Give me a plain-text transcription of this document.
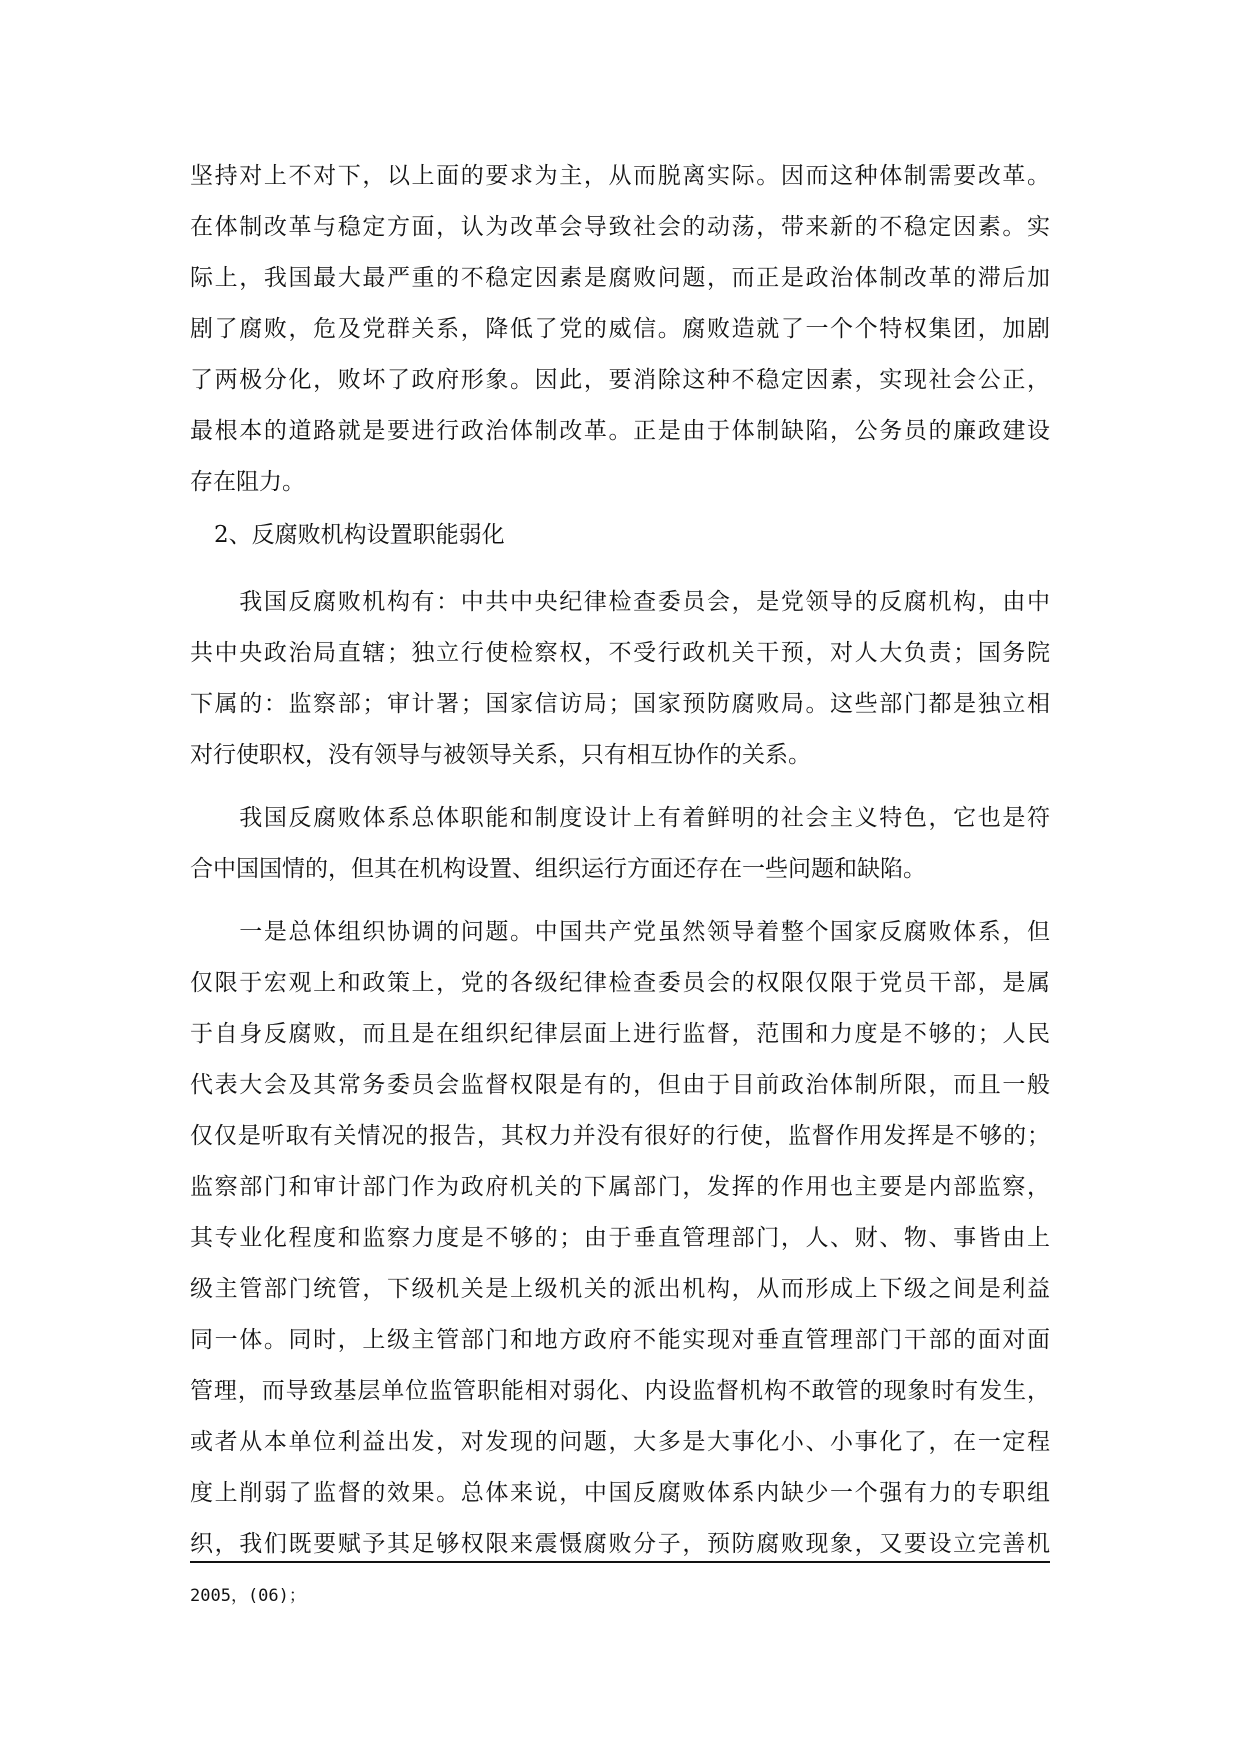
坚持对上不对下，以上面的要求为主，从而脱离实际。因而这种体制需要改革。
在体制改革与稳定方面，认为改革会导致社会的动荡，带来新的不稳定因素。实
际上，我国最大最严重的不稳定因素是腐败问题，而正是政治体制改革的滞后加
剧了腐败，危及党群关系，降低了党的威信。腐败造就了一个个特权集团，加剧
了两极分化，败坏了政府形象。因此，要消除这种不稳定因素，实现社会公正，
最根本的道路就是要进行政治体制改革。正是由于体制缺陷，公务员的廉政建设
存在阻力。
2、反腐败机构设置职能弱化
　　我国反腐败机构有：中共中央纪律检查委员会，是党领导的反腐机构，由中
共中央政治局直辖；独立行使检察权，不受行政机关干预，对人大负责；国务院
下属的：监察部；审计署；国家信访局；国家预防腐败局。这些部门都是独立相
对行使职权，没有领导与被领导关系，只有相互协作的关系。
　　我国反腐败体系总体职能和制度设计上有着鲜明的社会主义特色，它也是符
合中国国情的，但其在机构设置、组织运行方面还存在一些问题和缺陷。
　　一是总体组织协调的问题。中国共产党虽然领导着整个国家反腐败体系，但
仅限于宏观上和政策上，党的各级纪律检查委员会的权限仅限于党员干部，是属
于自身反腐败，而且是在组织纪律层面上进行监督，范围和力度是不够的；人民
代表大会及其常务委员会监督权限是有的，但由于目前政治体制所限，而且一般
仅仅是听取有关情况的报告，其权力并没有很好的行使，监督作用发挥是不够的；
监察部门和审计部门作为政府机关的下属部门，发挥的作用也主要是内部监察，
其专业化程度和监察力度是不够的；由于垂直管理部门，人、财、物、事皆由上
级主管部门统管，下级机关是上级机关的派出机构，从而形成上下级之间是利益
同一体。同时，上级主管部门和地方政府不能实现对垂直管理部门干部的面对面
管理，而导致基层单位监管职能相对弱化、内设监督机构不敢管的现象时有发生，
或者从本单位利益出发，对发现的问题，大多是大事化小、小事化了，在一定程
度上削弱了监督的效果。总体来说，中国反腐败体系内缺少一个强有力的专职组
织，我们既要赋予其足够权限来震慑腐败分子，预防腐败现象，又要设立完善机
2005，(06)；
